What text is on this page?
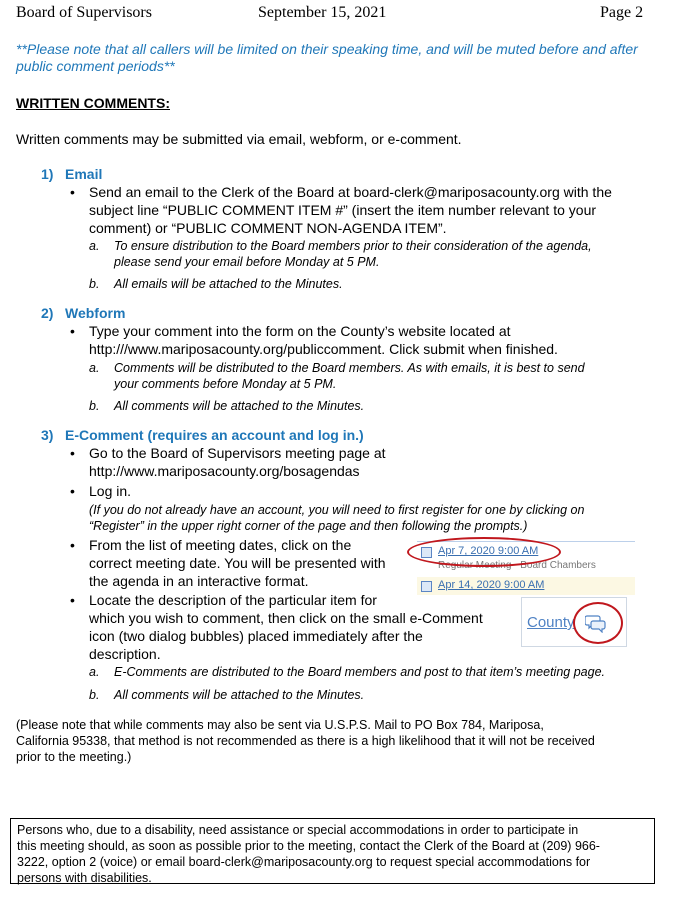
Board of Supervisors	September 15, 2021	Page 2
**Please note that all callers will be limited on their speaking time, and will be muted before and after public comment periods**
WRITTEN COMMENTS:
Written comments may be submitted via email, webform, or e-comment.
1) Email
• Send an email to the Clerk of the Board at board-clerk@mariposacounty.org with the
subject line “PUBLIC COMMENT ITEM #” (insert the item number relevant to your
comment) or “PUBLIC COMMENT NON-AGENDA ITEM”.
a. To ensure distribution to the Board members prior to their consideration of the agenda,
please send your email before Monday at 5 PM.
b. All emails will be attached to the Minutes.
2) Webform
• Type your comment into the form on the County’s website located at
http:///www.mariposacounty.org/publiccomment. Click submit when finished.
a. Comments will be distributed to the Board members. As with emails, it is best to send
your comments before Monday at 5 PM.
b. All comments will be attached to the Minutes.
3) E-Comment (requires an account and log in.)
• Go to the Board of Supervisors meeting page at
http://www.mariposacounty.org/bosagendas
• Log in.
(If you do not already have an account, you will need to first register for one by clicking on
“Register” in the upper right corner of the page and then following the prompts.)
• From the list of meeting dates, click on the
correct meeting date. You will be presented with
the agenda in an interactive format.
• Locate the description of the particular item for
which you wish to comment, then click on the small e-Comment
icon (two dialog bubbles) placed immediately after the
description.
a. E-Comments are distributed to the Board members and post to that item’s meeting page.
b. All comments will be attached to the Minutes.
Apr 7, 2020 9:00 AM
Regular Meeting - Board Chambers
Apr 14, 2020 9:00 AM
County
(Please note that while comments may also be sent via U.S.P.S. Mail to PO Box 784, Mariposa,
California 95338, that method is not recommended as there is a high likelihood that it will not be received
prior to the meeting.)
Persons who, due to a disability, need assistance or special accommodations in order to participate in
this meeting should, as soon as possible prior to the meeting, contact the Clerk of the Board at (209) 966-
3222, option 2 (voice) or email board-clerk@mariposacounty.org to request special accommodations for
persons with disabilities.
